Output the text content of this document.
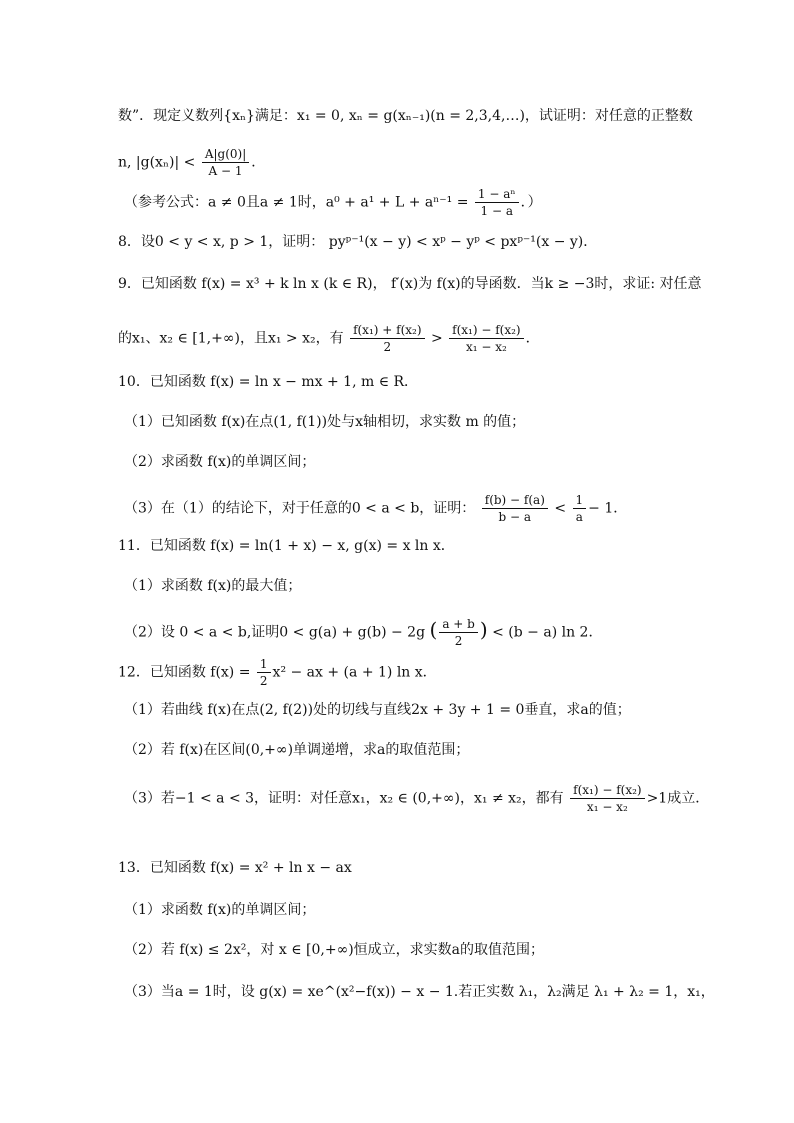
数”．现定义数列{xₙ}满足：x₁ = 0, xₙ = g(xₙ₋₁)(n = 2,3,4,…)，试证明：对任意的正整数
n, $|g(x_n)| < \frac{A|g(0)|}{A - 1}$ ．
（参考公式：a ≠ 0且a ≠ 1时，$a^0 + a^1 + L + a^{n-1} = \frac{\text{1 − aⁿ}}{1 - a}$ ．）
8．设0 < y < x, p > 1，证明： pyᵖ⁻¹(x − y) < xᵖ − yᵖ < pxᵖ⁻¹(x − y)．
9．已知函数 f(x) = x³ + k ln x (k ∈ R)， f′(x)为 f(x)的导函数．当k ≥ −3时，求证: 对任意
的x₁、x₂ ∈ [1,+∞)，且x₁ > x₂，有 $\frac{\text{f(x₁) + f(x₂)}}{2} > \frac{\text{f(x₁) − f(x₂)}}{\text{x₁ − x₂}}$ ．
10．已知函数 f(x) = ln x − mx + 1, m ∈ R．
（1）已知函数 f(x)在点(1, f(1))处与x轴相切，求实数 m 的值；
（2）求函数 f(x)的单调区间；
（3）在（1）的结论下，对于任意的0 < a < b，证明： $\frac{f(b) - f(a)}{b - a} < \frac{1}{a} - 1$．
11．已知函数 f(x) = ln(1 + x) − x, g(x) = x ln x．
（1）求函数 f(x)的最大值；
（2）设 0 < a < b,证明0 < g(a) + g(b) − 2g ( $\frac{a + b}{2}$ ) < (b − a) ln 2．
12．已知函数 $f(x) = \frac{1}{2} x^2$ − ax + (a + 1) ln x．
（1）若曲线 f(x)在点(2, f(2))处的切线与直线2x + 3y + 1 = 0垂直，求a的值；
（2）若 f(x)在区间(0,+∞)单调递增，求a的取值范围；
（3）若−1 < a < 3，证明：对任意x₁，x₂ ∈ (0,+∞)，x₁ ≠ x₂，都有 $\frac{\text{f(x₁) − f(x₂)}}{\text{x₁ − x₂}} >1$成立．
13．已知函数 f(x) = x² + ln x − ax
（1）求函数 f(x)的单调区间；
（2）若 f(x) ≤ 2x²，对 x ∈ [0,+∞)恒成立，求实数a的取值范围；
（3）当a = 1时，设 g(x) = xe^(x²−f(x)) − x − 1.若正实数 λ₁，λ₂满足 λ₁ + λ₂ = 1，x₁，
